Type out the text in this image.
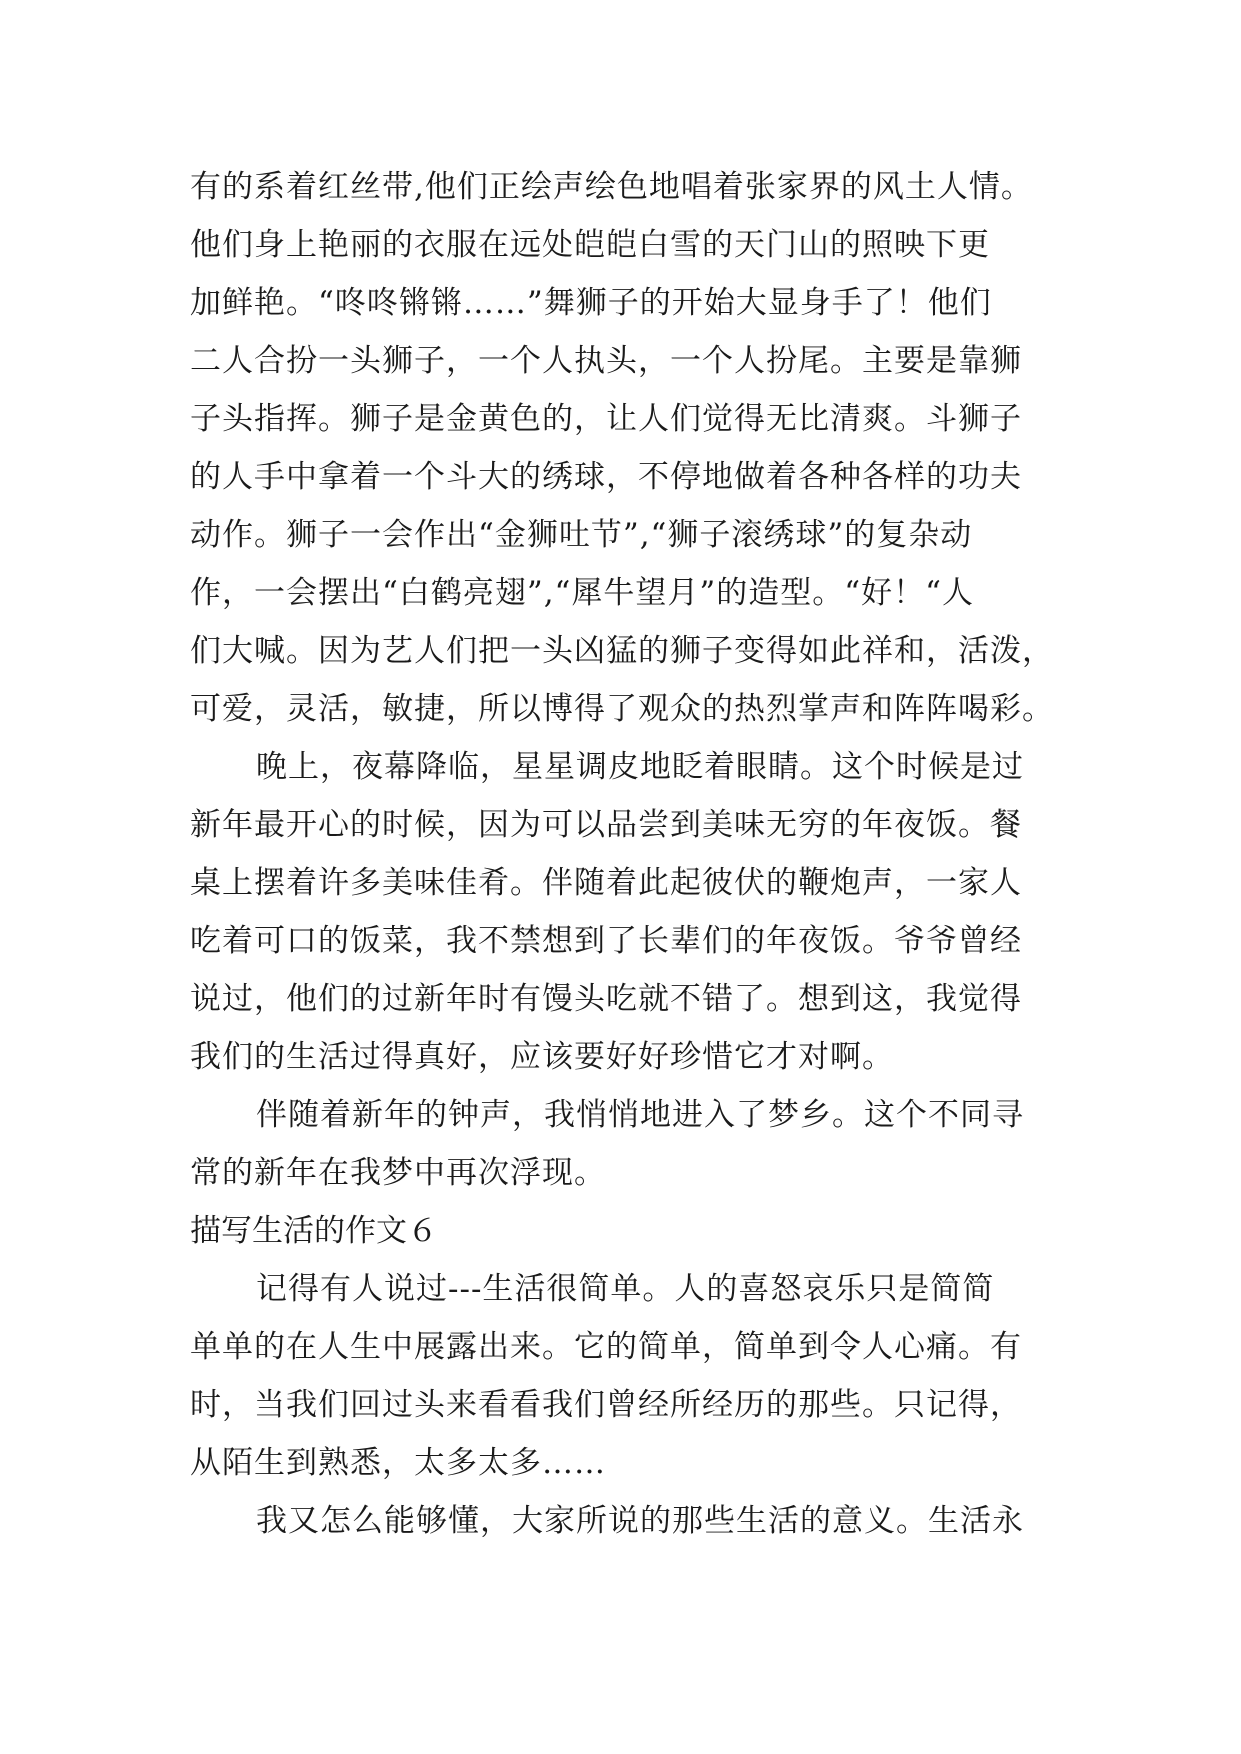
有的系着红丝带,他们正绘声绘色地唱着张家界的风土人情。
他们身上艳丽的衣服在远处皑皑白雪的天门山的照映下更
加鲜艳。“咚咚锵锵……”舞狮子的开始大显身手了！他们
二人合扮一头狮子，一个人执头，一个人扮尾。主要是靠狮
子头指挥。狮子是金黄色的，让人们觉得无比清爽。斗狮子
的人手中拿着一个斗大的绣球，不停地做着各种各样的功夫
动作。狮子一会作出“金狮吐节”,“狮子滚绣球”的复杂动
作，一会摆出“白鹤亮翅”,“犀牛望月”的造型。“好！“人
们大喊。因为艺人们把一头凶猛的狮子变得如此祥和，活泼，
可爱，灵活，敏捷，所以博得了观众的热烈掌声和阵阵喝彩。
晚上，夜幕降临，星星调皮地眨着眼睛。这个时候是过
新年最开心的时候，因为可以品尝到美味无穷的年夜饭。餐
桌上摆着许多美味佳肴。伴随着此起彼伏的鞭炮声，一家人
吃着可口的饭菜，我不禁想到了长辈们的年夜饭。爷爷曾经
说过，他们的过新年时有馒头吃就不错了。想到这，我觉得
我们的生活过得真好，应该要好好珍惜它才对啊。
伴随着新年的钟声，我悄悄地进入了梦乡。这个不同寻
常的新年在我梦中再次浮现。
描写生活的作文６
记得有人说过---生活很简单。人的喜怒哀乐只是简简
单单的在人生中展露出来。它的简单，简单到令人心痛。有
时，当我们回过头来看看我们曾经所经历的那些。只记得，
从陌生到熟悉，太多太多……
我又怎么能够懂，大家所说的那些生活的意义。生活永
